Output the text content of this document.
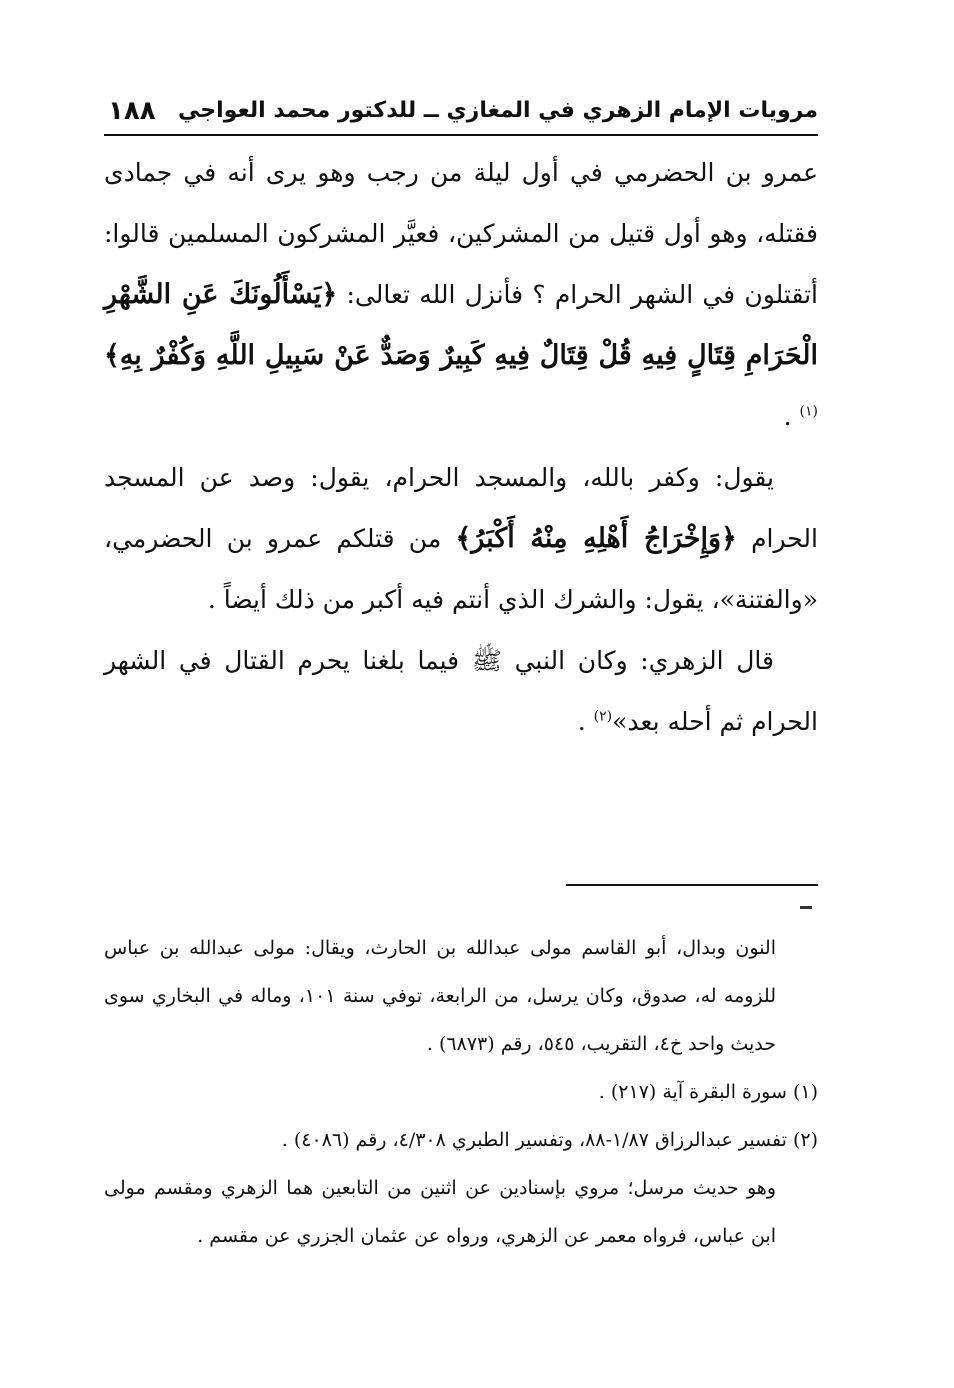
مرويات الإمام الزهري في المغازي ــ للدكتور محمد العواجي
١٨٨

عمرو بن الحضرمي في أول ليلة من رجب وهو يرى أنه في جمادى فقتله، وهو أول قتيل من المشركين، فعيَّر المشركون المسلمين قالوا: أتقتلون في الشهر الحرام ؟ فأنزل الله تعالى: ﴿يَسْأَلُونَكَ عَنِ الشَّهْرِ الْحَرَامِ قِتَالٍ فِيهِ قُلْ قِتَالٌ فِيهِ كَبِيرٌ وَصَدٌّ عَنْ سَبِيلِ اللَّهِ وَكُفْرٌ بِهِ﴾$^{(١)}$ .

يقول: وكفر بالله، والمسجد الحرام، يقول: وصد عن المسجد الحرام ﴿وَإِخْرَاجُ أَهْلِهِ مِنْهُ أَكْبَرُ﴾ من قتلكم عمرو بن الحضرمي، «والفتنة»، يقول: والشرك الذي أنتم فيه أكبر من ذلك أيضاً .

قال الزهري: وكان النبي ﷺ فيما بلغنا يحرم القتال في الشهر الحرام ثم أحله بعد»$^{(٢)}$ .

النون وبدال، أبو القاسم مولى عبدالله بن الحارث، ويقال: مولى عبدالله بن عباس للزومه له، صدوق، وكان يرسل، من الرابعة، توفي سنة ١٠١، وماله في البخاري سوى حديث واحد خ٤، التقريب، ٥٤٥، رقم (٦٨٧٣) .

(١) سورة البقرة آية (٢١٧) .

(٢) تفسير عبدالرزاق ١/٨٧-٨٨، وتفسير الطبري ٤/٣٠٨، رقم (٤٠٨٦) .

وهو حديث مرسل؛ مروي بإسنادين عن اثنين من التابعين هما الزهري ومقسم مولى ابن عباس، فرواه معمر عن الزهري، ورواه عن عثمان الجزري عن مقسم .
